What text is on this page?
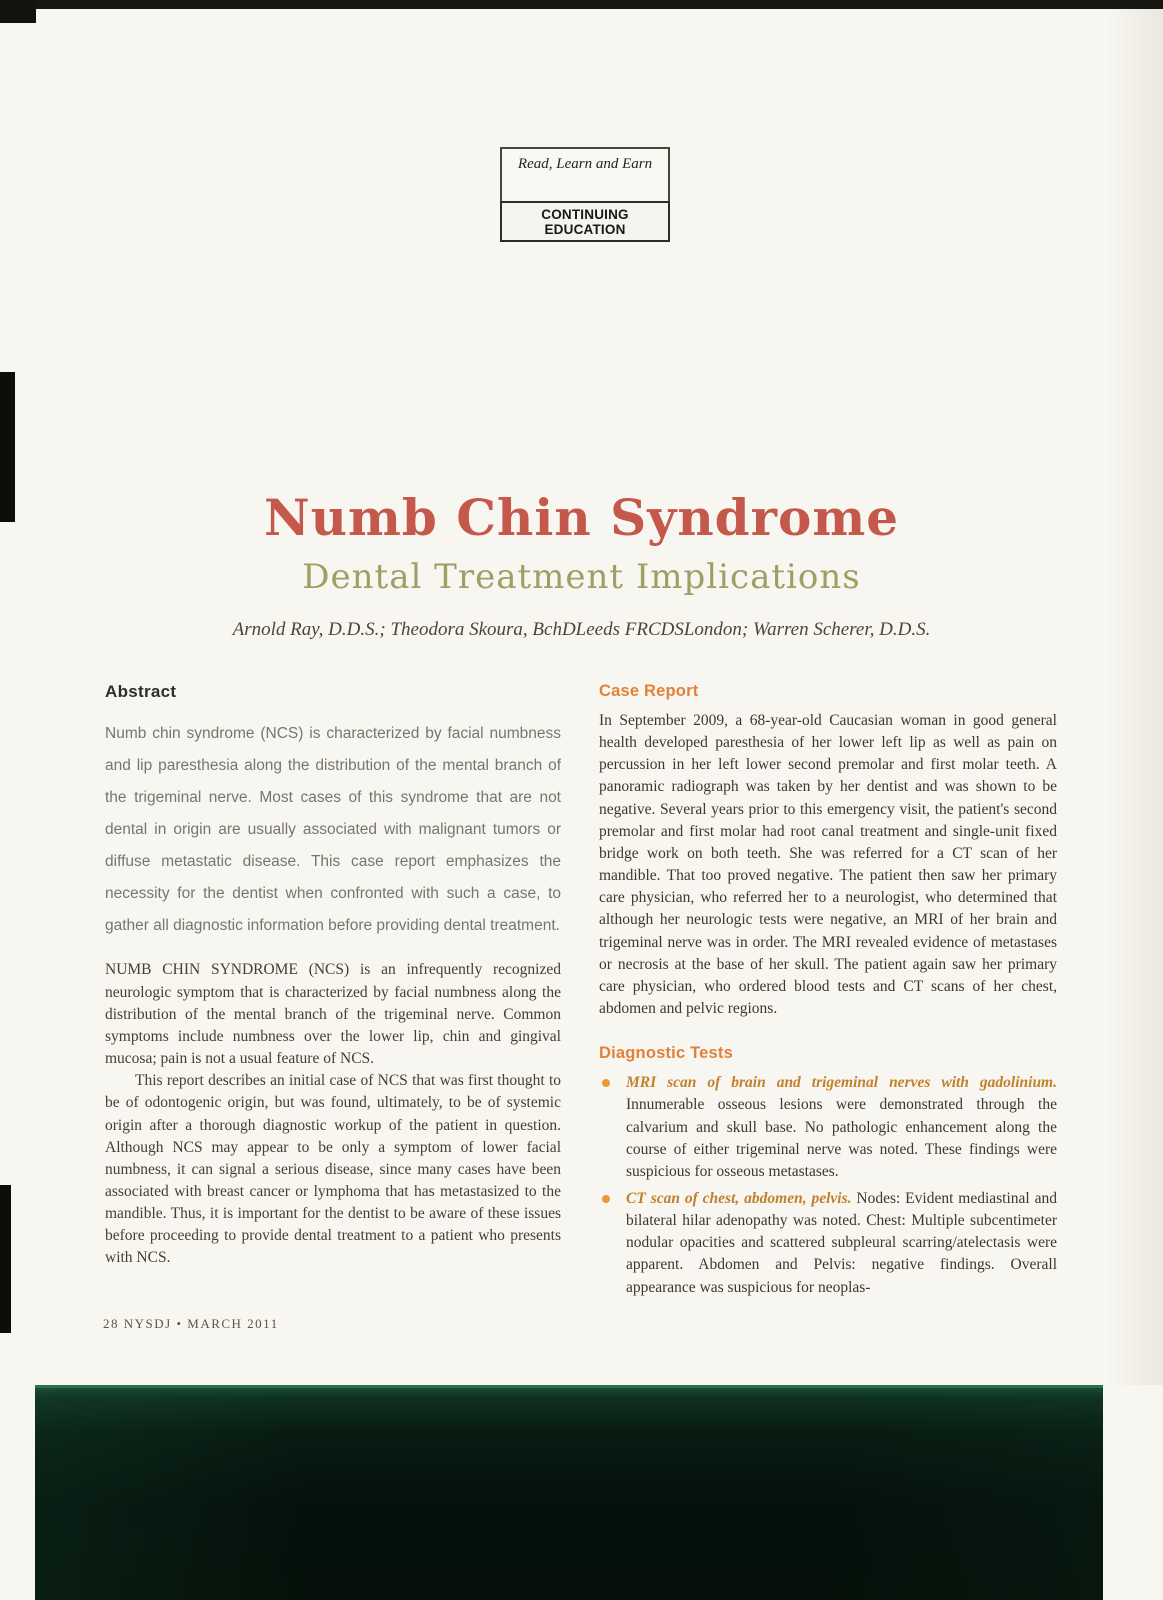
Read, Learn and Earn
CONTINUING EDUCATION
Numb Chin Syndrome
Dental Treatment Implications
Arnold Ray, D.D.S.; Theodora Skoura, BchDLeeds FRCDSLondon; Warren Scherer, D.D.S.
Abstract
Numb chin syndrome (NCS) is characterized by facial numbness and lip paresthesia along the distribution of the mental branch of the trigeminal nerve. Most cases of this syndrome that are not dental in origin are usually associated with malignant tumors or diffuse metastatic disease. This case report emphasizes the necessity for the dentist when confronted with such a case, to gather all diagnostic information before providing dental treatment.

NUMB CHIN SYNDROME (NCS) is an infrequently recognized neurologic symptom that is characterized by facial numbness along the distribution of the mental branch of the trigeminal nerve. Common symptoms include numbness over the lower lip, chin and gingival mucosa; pain is not a usual feature of NCS.

This report describes an initial case of NCS that was first thought to be of odontogenic origin, but was found, ultimately, to be of systemic origin after a thorough diagnostic workup of the patient in question. Although NCS may appear to be only a symptom of lower facial numbness, it can signal a serious disease, since many cases have been associated with breast cancer or lymphoma that has metastasized to the mandible. Thus, it is important for the dentist to be aware of these issues before proceeding to provide dental treatment to a patient who presents with NCS.

Case Report

In September 2009, a 68-year-old Caucasian woman in good general health developed paresthesia of her lower left lip as well as pain on percussion in her left lower second premolar and first molar teeth. A panoramic radiograph was taken by her dentist and was shown to be negative. Several years prior to this emergency visit, the patient's second premolar and first molar had root canal treatment and single-unit fixed bridge work on both teeth. She was referred for a CT scan of her mandible. That too proved negative. The patient then saw her primary care physician, who referred her to a neurologist, who determined that although her neurologic tests were negative, an MRI of her brain and trigeminal nerve was in order. The MRI revealed evidence of metastases or necrosis at the base of her skull. The patient again saw her primary care physician, who ordered blood tests and CT scans of her chest, abdomen and pelvic regions.

Diagnostic Tests
MRI scan of brain and trigeminal nerves with gadolinium. Innumerable osseous lesions were demonstrated through the calvarium and skull base. No pathologic enhancement along the course of either trigeminal nerve was noted. These findings were suspicious for osseous metastases.
CT scan of chest, abdomen, pelvis. Nodes: Evident mediastinal and bilateral hilar adenopathy was noted. Chest: Multiple subcentimeter nodular opacities and scattered subpleural scarring/atelectasis were apparent. Abdomen and Pelvis: negative findings. Overall appearance was suspicious for neoplas-
28 NYSDJ • MARCH 2011
